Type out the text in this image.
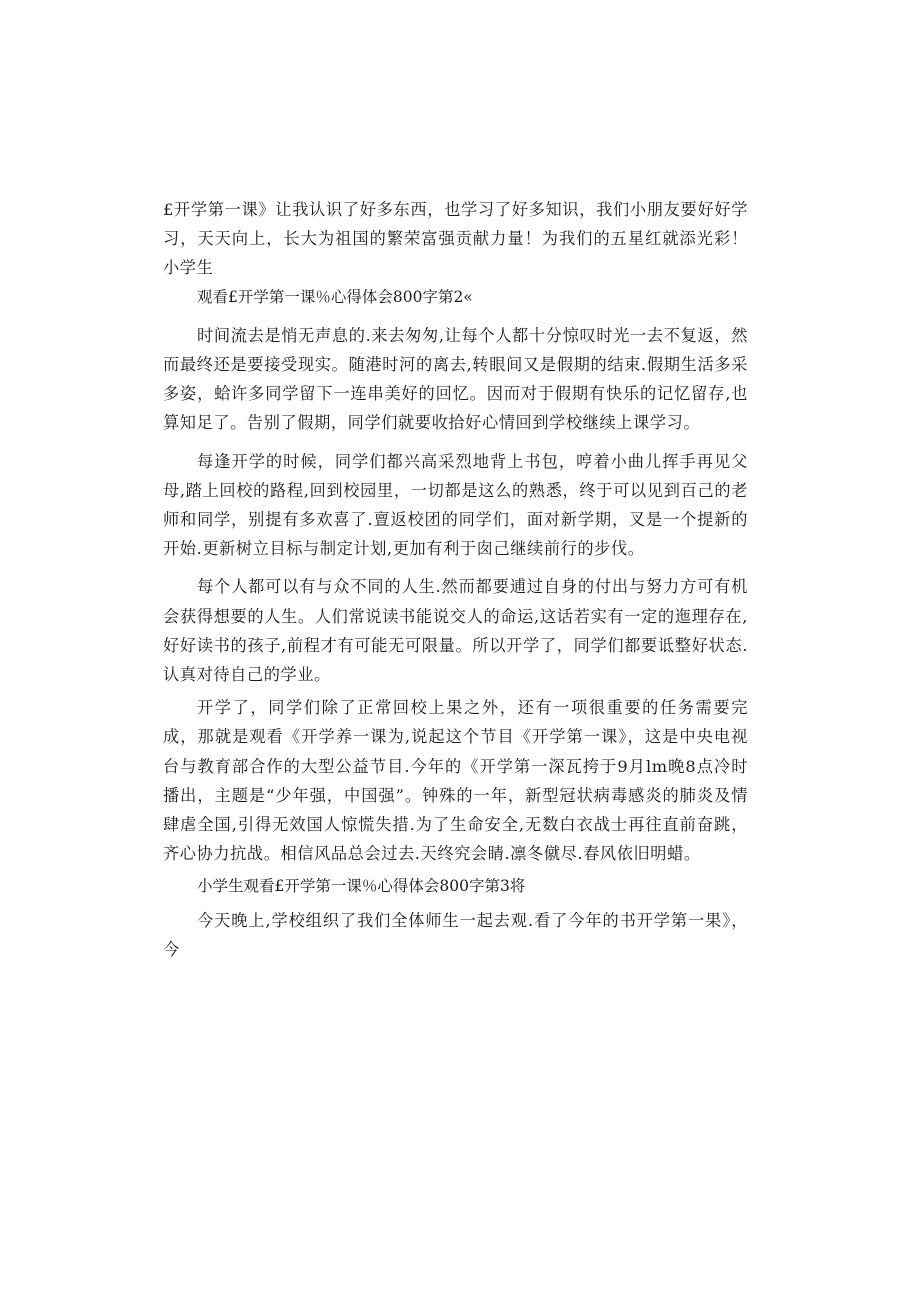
£开学第一课》让我认识了好多东西，也学习了好多知识，我们小朋友要好好学习，天天向上，长大为祖国的繁荣富强贡献力量！为我们的五星红就添光彩！小学生

观看£开学第一课％心得体会800字第2«

时间流去是悄无声息的.来去匆匆,让每个人都十分惊叹时光一去不复返，然而最终还是要接受现实。随港时河的离去,转眼间又是假期的结束.假期生活多采多姿，蛤许多同学留下一连串美好的回忆。因而对于假期有快乐的记忆留存,也算知足了。告别了假期，同学们就要收拾好心情回到学校继续上课学习。

每逢开学的时候，同学们都兴高采烈地背上书包，哼着小曲儿挥手再见父母,踏上回校的路程,回到校园里，一切都是这么的熟悉，终于可以见到百己的老师和同学，别提有多欢喜了.亶返校团的同学们，面对新学期，叉是一个提新的开始.更新树立目标与制定计划,更加有利于囱己继续前行的步伐。

每个人都可以有与众不同的人生.然而都要逋过自身的付出与努力方可有机会获得想要的人生。人们常说读书能说交人的命运,这话若实有一定的迤理存在,好好读书的孩子,前程才有可能无可限量。所以开学了，同学们都要诋整好状态.认真对待自己的学业。

开学了，同学们除了正常回校上果之外，还有一项很重要的任务需要完成，那就是观看《开学养一课为,说起这个节目《开学第一课》，这是中央电视台与教育部合作的大型公益节目.今年的《开学第一深瓦挎于9月lm晚8点冷时播出，主题是“少年强，中国强”。钟殊的一年，新型冠状病毒感炎的肺炎及情肆虐全国,引得无效国人惊慌失措.为了生命安全,无数白衣战士再往直前奋跳，齐心协力抗战。相信风品总会过去.天终究会睛.凛冬僦尽.春风依旧明蜡。

小学生观看£开学第一课％心得体会800字第3将

今天晚上,学校组织了我们全体师生一起去观.看了今年的书开学第一果》，今
